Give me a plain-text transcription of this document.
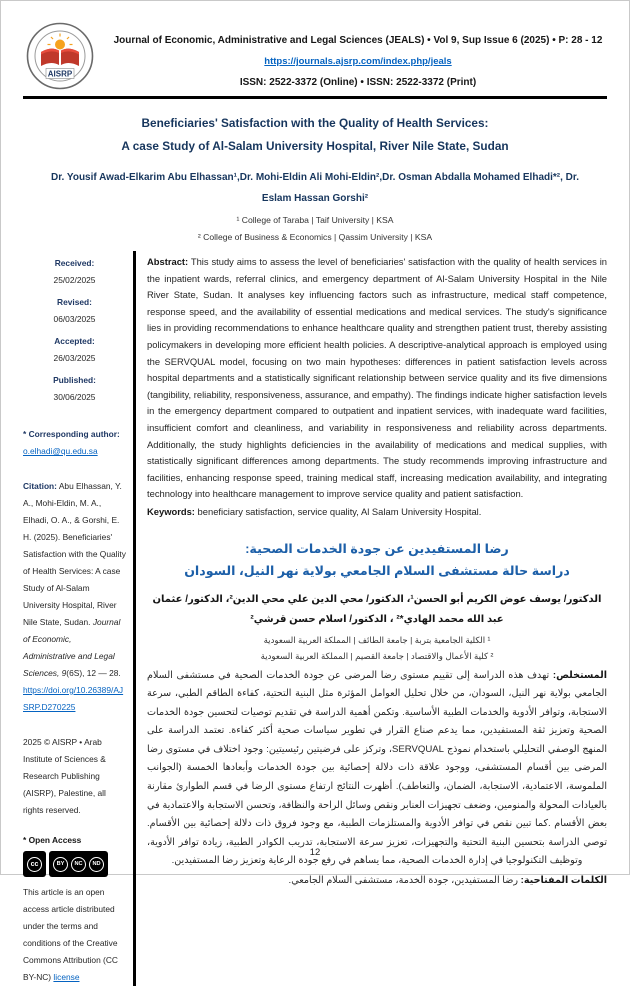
AISRP
Journal of Economic, Administrative and Legal Sciences (JEALS) • Vol 9, Sup Issue 6 (2025) • P: 28 - 12
https://journals.ajsrp.com/index.php/jeals
ISSN: 2522-3372 (Online) • ISSN: 2522-3372 (Print)
Beneficiaries' Satisfaction with the Quality of Health Services:
A case Study of Al-Salam University Hospital, River Nile State, Sudan
Dr. Yousif Awad-Elkarim Abu Elhassan¹,Dr. Mohi-Eldin Ali Mohi-Eldin²,Dr. Osman Abdalla Mohamed Elhadi*², Dr.
Eslam Hassan Gorshi²
¹ College of Taraba | Taif University | KSA
² College of Business & Economics | Qassim University | KSA
Received:
25/02/2025
Revised:
06/03/2025
Accepted:
26/03/2025
Published:
30/06/2025
* Corresponding author:
o.elhadi@qu.edu.sa
Citation: Abu Elhassan, Y. A., Mohi-Eldin, M. A., Elhadi, O. A., & Gorshi, E. H. (2025). Beneficiaries' Satisfaction with the Quality of Health Services: A case Study of Al-Salam University Hospital, River Nile State, Sudan. Journal of Economic, Administrative and Legal Sciences, 9(6S), 12 — 28. https://doi.org/10.26389/AJSRP.D270225
2025 © AISRP • Arab Institute of Sciences & Research Publishing (AISRP), Palestine, all rights reserved.
* Open Access
cc	BY	NC	ND
This article is an open access article distributed under the terms and conditions of the Creative Commons Attribution (CC BY-NC) license
Abstract: This study aims to assess the level of beneficiaries' satisfaction with the quality of health services in the inpatient wards, referral clinics, and emergency department of Al-Salam University Hospital in the Nile River State, Sudan. It analyses key influencing factors such as infrastructure, medical staff competence, response speed, and the availability of essential medications and medical services. The study's significance lies in providing recommendations to enhance healthcare quality and strengthen patient trust, thereby assisting policymakers in developing more efficient health policies. A descriptive-analytical approach is employed using the SERVQUAL model, focusing on two main hypotheses: differences in patient satisfaction levels across hospital departments and a statistically significant relationship between service quality and its five dimensions (tangibility, reliability, responsiveness, assurance, and empathy). The findings indicate higher satisfaction levels in the emergency department compared to outpatient and inpatient services, with inadequate ward facilities, insufficient comfort and cleanliness, and variability in responsiveness and reliability across departments. Additionally, the study highlights deficiencies in the availability of medications and medical supplies, with statistically significant differences among departments. The study recommends improving infrastructure and facilities, enhancing response speed, training medical staff, increasing medication availability, and integrating technology into healthcare management to improve service quality and patient satisfaction.
Keywords: beneficiary satisfaction, service quality, Al Salam University Hospital.
رضا المستفيدين عن جودة الخدمات الصحية:
دراسة حالة مستشفى السلام الجامعي بولاية نهر النيل، السودان
الدكتور/ يوسف عوض الكريم أبو الحسن¹، الدكتور/ محي الدين علي محي الدين²، الدكتور/ عثمان عبد الله محمد الهادي*² ، الدكتور/ اسلام حسن قرشي²
¹ الكلية الجامعية بتربة | جامعة الطائف | المملكة العربية السعودية
² كلية الأعمال والاقتصاد | جامعة القصيم | المملكة العربية السعودية
المستخلص: تهدف هذه الدراسة إلى تقييم مستوى رضا المرضى عن جودة الخدمات الصحية في مستشفى السلام الجامعي بولاية نهر النيل، السودان، من خلال تحليل العوامل المؤثرة مثل البنية التحتية، كفاءة الطاقم الطبي، سرعة الاستجابة، وتوافر الأدوية والخدمات الطبية الأساسية. وتكمن أهمية الدراسة في تقديم توصيات لتحسين جودة الخدمات الصحية وتعزيز ثقة المستفيدين، مما يدعم صناع القرار في تطوير سياسات صحية أكثر كفاءة. تعتمد الدراسة على المنهج الوصفي التحليلي باستخدام نموذج SERVQUAL، وتركز على فرضيتين رئيسيتين: وجود اختلاف في مستوى رضا المرضى بين أقسام المستشفى، ووجود علاقة ذات دلالة إحصائية بين جودة الخدمات وأبعادها الخمسة (الجوانب الملموسة، الاعتمادية، الاستجابة، الضمان، والتعاطف). أظهرت النتائج ارتفاع مستوى الرضا في قسم الطوارئ مقارنة بالعيادات المحولة والمنومين، وضعف تجهيزات العنابر ونقص وسائل الراحة والنظافة، وتحسن الاستجابة والاعتمادية في بعض الأقسام .كما تبين نقص في توافر الأدوية والمستلزمات الطبية، مع وجود فروق ذات دلالة إحصائية بين الأقسام. توصي الدراسة بتحسين البنية التحتية والتجهيزات، تعزيز سرعة الاستجابة، تدريب الكوادر الطبية، زيادة توافر الأدوية، وتوظيف التكنولوجيا في إدارة الخدمات الصحية، مما يساهم في رفع جودة الرعاية وتعزيز رضا المستفيدين.
الكلمات المفتاحية: رضا المستفيدين، جودة الخدمة، مستشفى السلام الجامعي.
12
